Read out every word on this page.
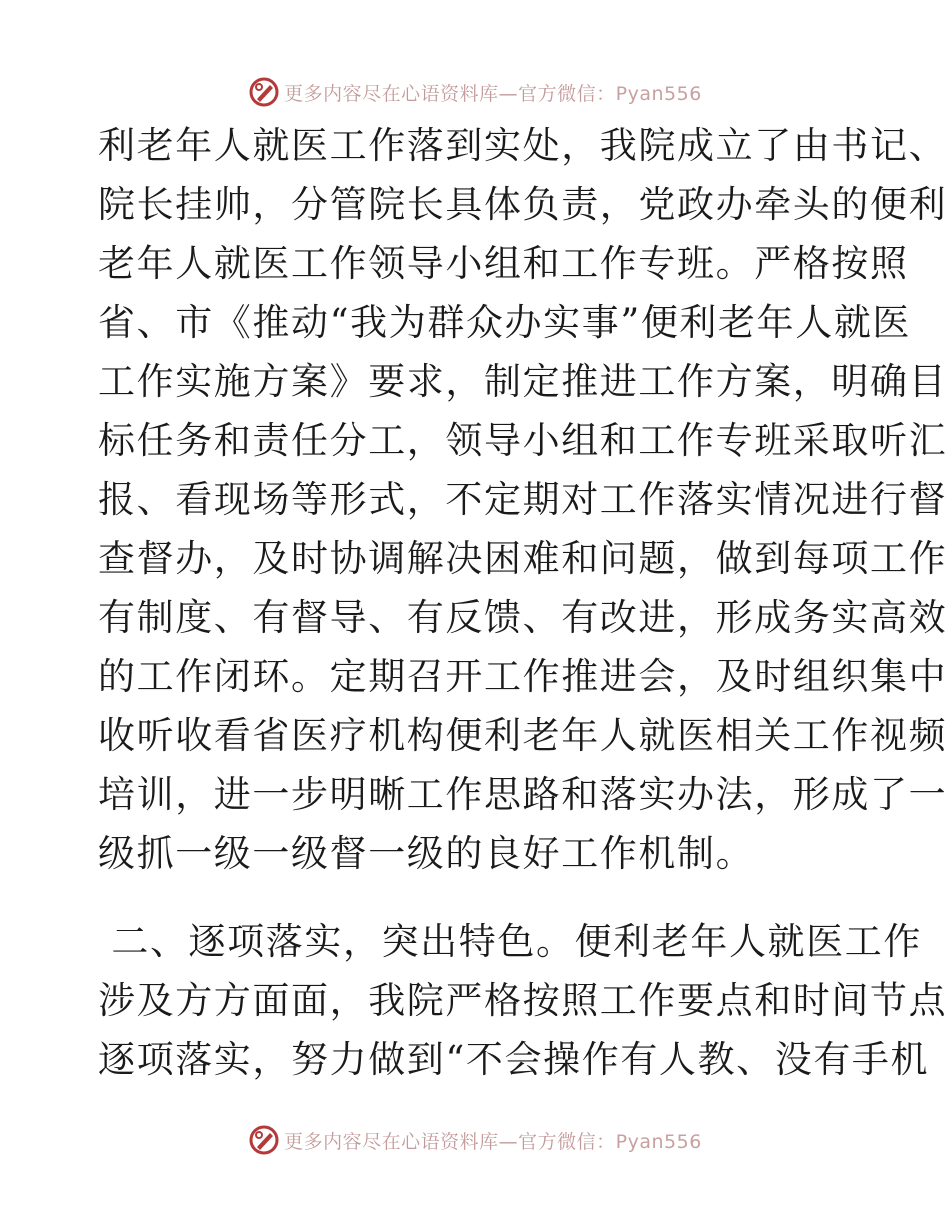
更多内容尽在心语资料库—官方微信：Pyan556
利老年人就医工作落到实处，我院成立了由书记、
院长挂帅，分管院长具体负责，党政办牵头的便利
老年人就医工作领导小组和工作专班。严格按照
省、市《推动“我为群众办实事”便利老年人就医
工作实施方案》要求，制定推进工作方案，明确目
标任务和责任分工，领导小组和工作专班采取听汇
报、看现场等形式，不定期对工作落实情况进行督
查督办，及时协调解决困难和问题，做到每项工作
有制度、有督导、有反馈、有改进，形成务实高效
的工作闭环。定期召开工作推进会，及时组织集中
收听收看省医疗机构便利老年人就医相关工作视频
培训，进一步明晰工作思路和落实办法，形成了一
级抓一级一级督一级的良好工作机制。
二、逐项落实，突出特色。便利老年人就医工作
涉及方方面面，我院严格按照工作要点和时间节点
逐项落实，努力做到“不会操作有人教、没有手机
更多内容尽在心语资料库—官方微信：Pyan556
